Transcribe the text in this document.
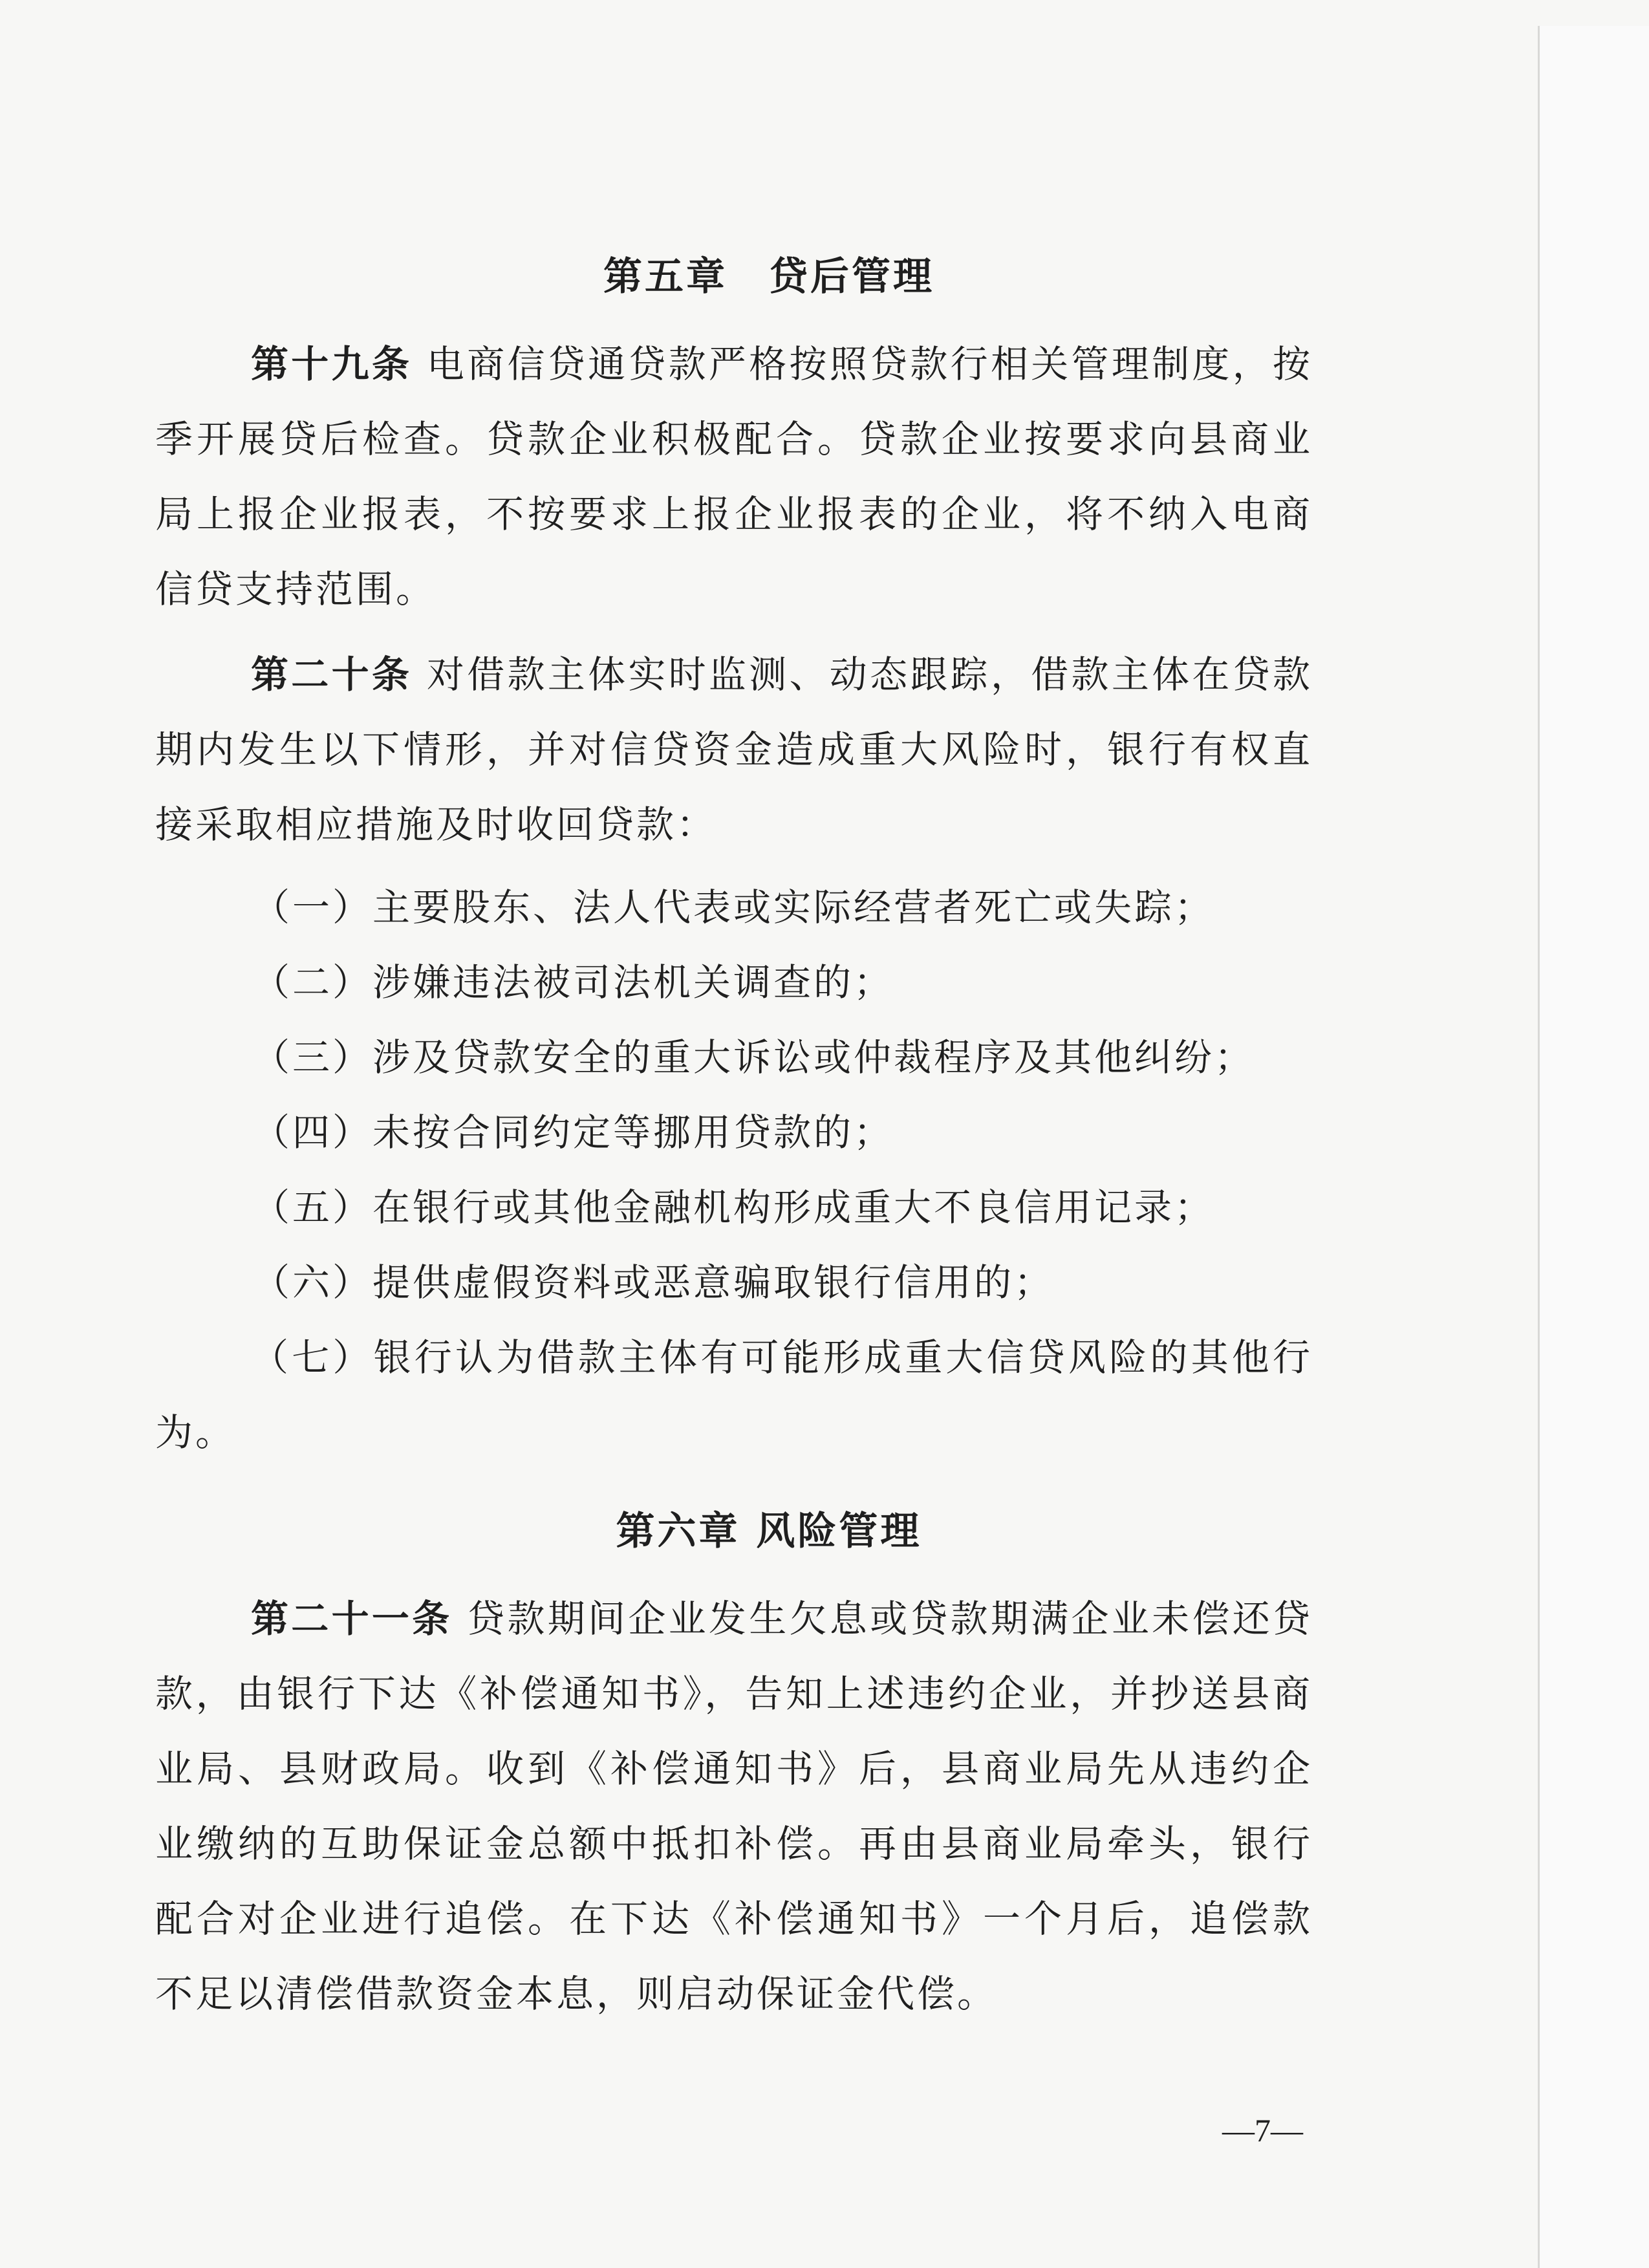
第五章　贷后管理
第十九条 电商信贷通贷款严格按照贷款行相关管理制度，按季开展贷后检查。贷款企业积极配合。贷款企业按要求向县商业局上报企业报表，不按要求上报企业报表的企业，将不纳入电商信贷支持范围。
第二十条 对借款主体实时监测、动态跟踪，借款主体在贷款期内发生以下情形，并对信贷资金造成重大风险时，银行有权直接采取相应措施及时收回贷款：
（一）主要股东、法人代表或实际经营者死亡或失踪；
（二）涉嫌违法被司法机关调查的；
（三）涉及贷款安全的重大诉讼或仲裁程序及其他纠纷；
（四）未按合同约定等挪用贷款的；
（五）在银行或其他金融机构形成重大不良信用记录；
（六）提供虚假资料或恶意骗取银行信用的；
（七）银行认为借款主体有可能形成重大信贷风险的其他行为。
第六章 风险管理
第二十一条 贷款期间企业发生欠息或贷款期满企业未偿还贷款，由银行下达《补偿通知书》，告知上述违约企业，并抄送县商业局、县财政局。收到《补偿通知书》后，县商业局先从违约企业缴纳的互助保证金总额中抵扣补偿。再由县商业局牵头，银行配合对企业进行追偿。在下达《补偿通知书》一个月后，追偿款不足以清偿借款资金本息，则启动保证金代偿。
—7—
